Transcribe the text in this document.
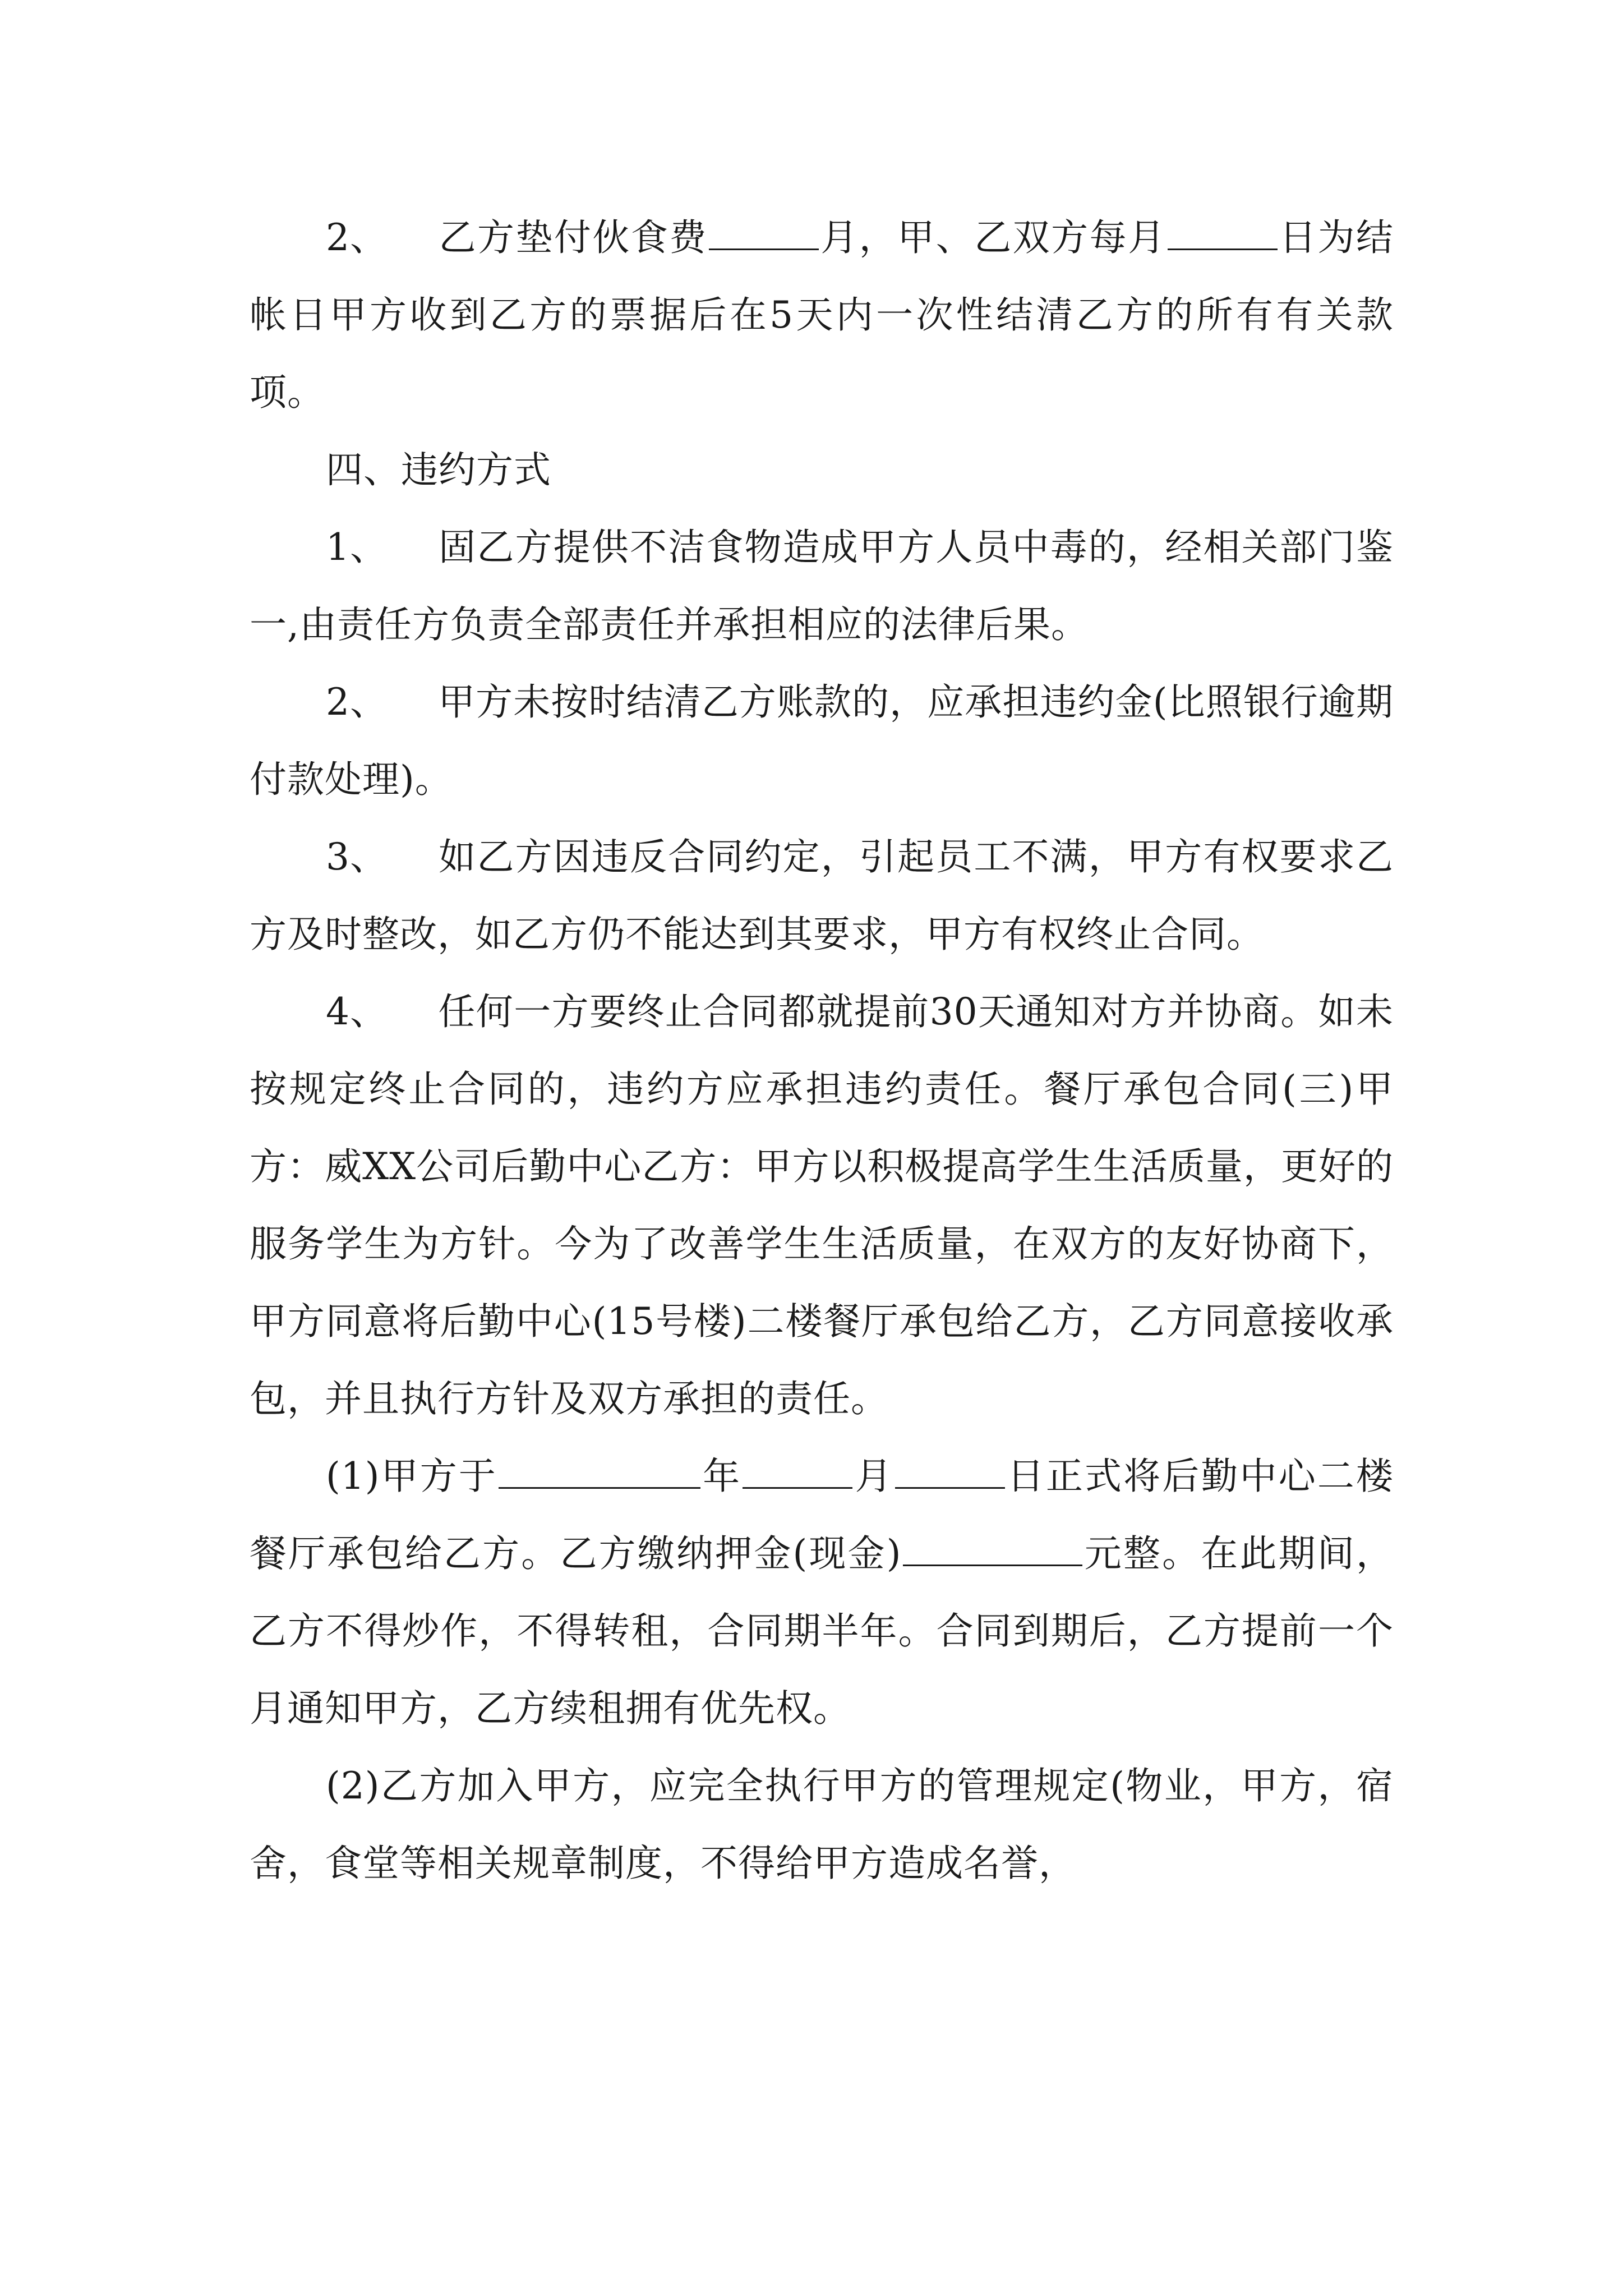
2、 乙方垫付伙食费	月，甲、乙双方每月	日为结帐日甲方收到乙方的票据后在5天内一次性结清乙方的所有有关款项。

四、违约方式

1、 固乙方提供不洁食物造成甲方人员中毒的，经相关部门鉴一,由责任方负责全部责任并承担相应的法律后果。

2、 甲方未按时结清乙方账款的，应承担违约金(比照银行逾期付款处理)。

3、 如乙方因违反合同约定，引起员工不满，甲方有权要求乙方及时整改，如乙方仍不能达到其要求，甲方有权终止合同。

4、 任何一方要终止合同都就提前30天通知对方并协商。如未按规定终止合同的，违约方应承担违约责任。餐厅承包合同(三)甲方：威XX公司后勤中心乙方：甲方以积极提高学生生活质量，更好的服务学生为方针。今为了改善学生生活质量，在双方的友好协商下，甲方同意将后勤中心(15号楼)二楼餐厅承包给乙方，乙方同意接收承包，并且执行方针及双方承担的责任。

(1)甲方于	年	月	日正式将后勤中心二楼餐厅承包给乙方。乙方缴纳押金(现金)	元整。在此期间，乙方不得炒作，不得转租，合同期半年。合同到期后，乙方提前一个月通知甲方，乙方续租拥有优先权。

(2)乙方加入甲方，应完全执行甲方的管理规定(物业，甲方，宿舍，食堂等相关规章制度，不得给甲方造成名誉，
